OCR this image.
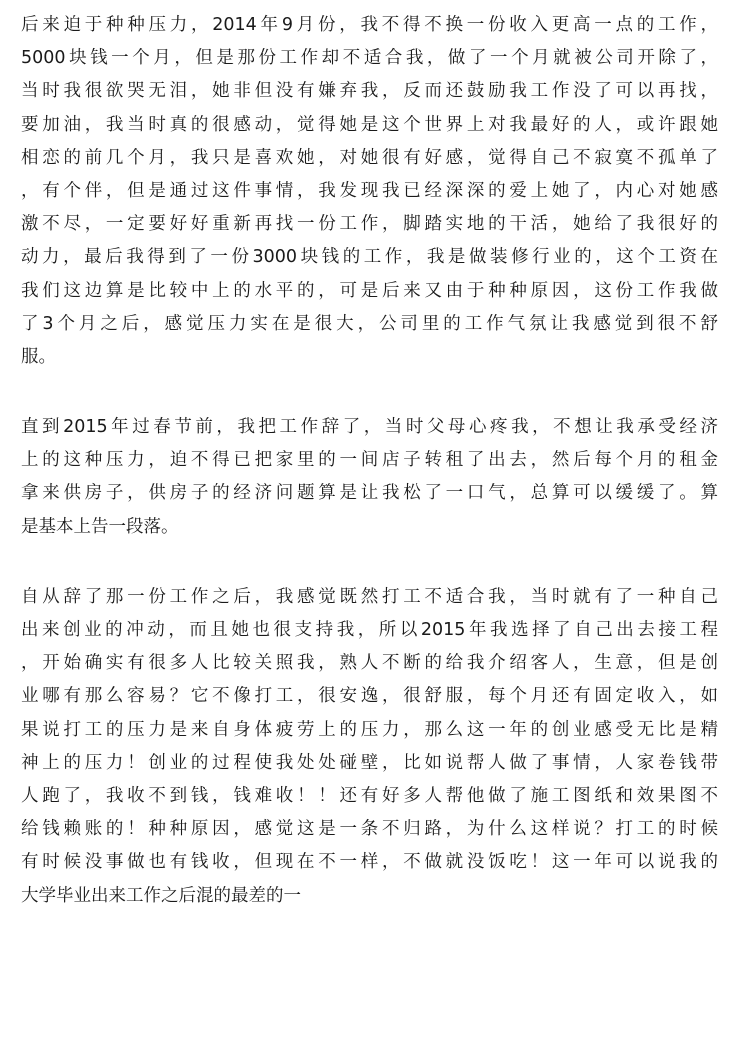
后来迫于种种压力，2014年9月份，我不得不换一份收入更高一点的工作，
5000块钱一个月，但是那份工作却不适合我，做了一个月就被公司开除了，
当时我很欲哭无泪，她非但没有嫌弃我，反而还鼓励我工作没了可以再找，
要加油，我当时真的很感动，觉得她是这个世界上对我最好的人，或许跟她
相恋的前几个月，我只是喜欢她，对她很有好感，觉得自己不寂寞不孤单了
，有个伴，但是通过这件事情，我发现我已经深深的爱上她了，内心对她感
激不尽，一定要好好重新再找一份工作，脚踏实地的干活，她给了我很好的
动力，最后我得到了一份3000块钱的工作，我是做装修行业的，这个工资在
我们这边算是比较中上的水平的，可是后来又由于种种原因，这份工作我做
了3个月之后，感觉压力实在是很大，公司里的工作气氛让我感觉到很不舒
服。
直到2015年过春节前，我把工作辞了，当时父母心疼我，不想让我承受经济
上的这种压力，迫不得已把家里的一间店子转租了出去，然后每个月的租金
拿来供房子，供房子的经济问题算是让我松了一口气，总算可以缓缓了。算
是基本上告一段落。
自从辞了那一份工作之后，我感觉既然打工不适合我，当时就有了一种自己
出来创业的冲动，而且她也很支持我，所以2015年我选择了自己出去接工程
，开始确实有很多人比较关照我，熟人不断的给我介绍客人，生意，但是创
业哪有那么容易？它不像打工，很安逸，很舒服，每个月还有固定收入，如
果说打工的压力是来自身体疲劳上的压力，那么这一年的创业感受无比是精
神上的压力！创业的过程使我处处碰壁，比如说帮人做了事情，人家卷钱带
人跑了，我收不到钱，钱难收！！还有好多人帮他做了施工图纸和效果图不
给钱赖账的！种种原因，感觉这是一条不归路，为什么这样说？打工的时候
有时候没事做也有钱收，但现在不一样，不做就没饭吃！这一年可以说我的
大学毕业出来工作之后混的最差的一
